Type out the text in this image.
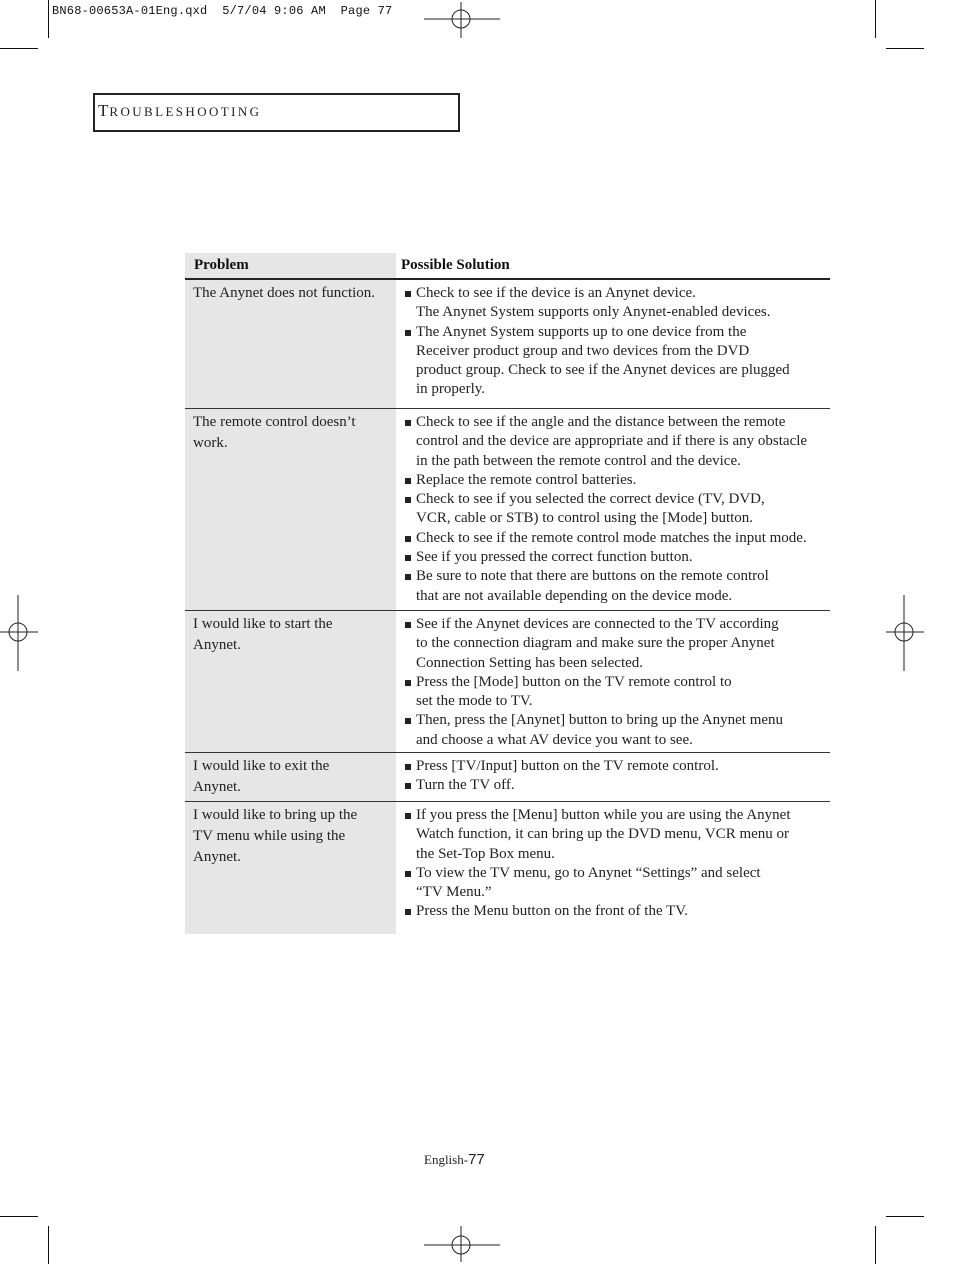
BN68-00653A-01Eng.qxd  5/7/04 9:06 AM  Page 77
TROUBLESHOOTING
Problem	Possible Solution
The Anynet does not function.	Check to see if the device is an Anynet device.
The Anynet System supports only Anynet-enabled devices.
The Anynet System supports up to one device from the
Receiver product group and two devices from the DVD
product group. Check to see if the Anynet devices are plugged
in properly.
The remote control doesn’t
work.
Check to see if the angle and the distance between the remote
control and the device are appropriate and if there is any obstacle
in the path between the remote control and the device.
Replace the remote control batteries.
Check to see if you selected the correct device (TV, DVD,
VCR, cable or STB) to control using the [Mode] button.
Check to see if the remote control mode matches the input mode.
See if you pressed the correct function button.
Be sure to note that there are buttons on the remote control
that are not available depending on the device mode.
I would like to start the
Anynet.
See if the Anynet devices are connected to the TV according
to the connection diagram and make sure the proper Anynet
Connection Setting has been selected.
Press the [Mode] button on the TV remote control to
set the mode to TV.
Then, press the [Anynet] button to bring up the Anynet menu
and choose a what AV device you want to see.
I would like to exit the
Anynet.
Press [TV/Input] button on the TV remote control.
Turn the TV off.
I would like to bring up the
TV menu while using the
Anynet.
If you press the [Menu] button while you are using the Anynet
Watch function, it can bring up the DVD menu, VCR menu or
the Set-Top Box menu.
To view the TV menu, go to Anynet “Settings” and select
“TV Menu.”
Press the Menu button on the front of the TV.
English-77
